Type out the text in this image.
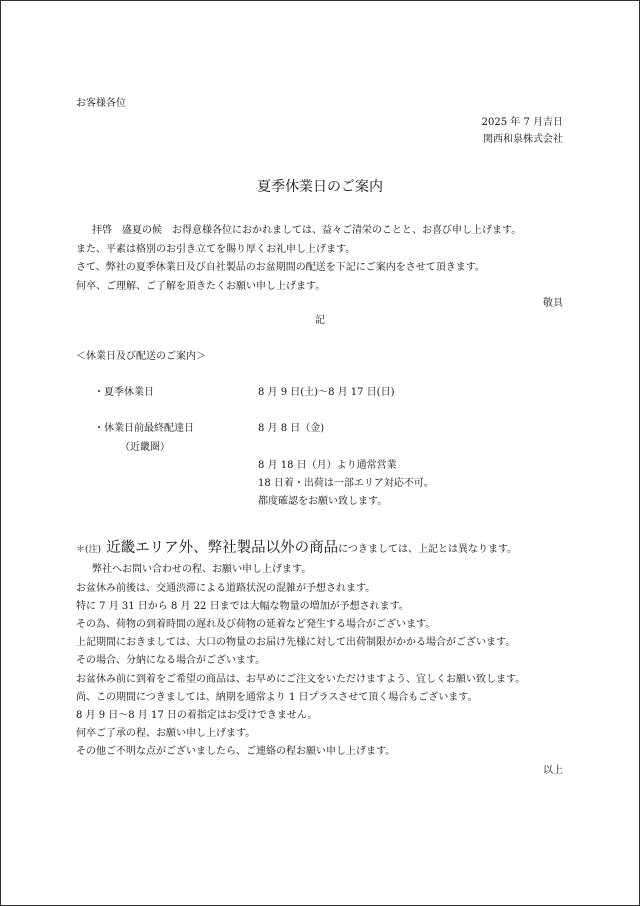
お客様各位
2025 年 7 月吉日
関西和泉株式会社
夏季休業日のご案内
拝啓　盛夏の候　お得意様各位におかれましては、益々ご清栄のことと、お喜び申し上げます。
また、平素は格別のお引き立てを賜り厚くお礼申し上げます。
さて、弊社の夏季休業日及び自社製品のお盆期間の配送を下記にご案内をさせて頂きます。
何卒、ご理解、ご了解を頂きたくお願い申し上げます。
敬具
記
＜休業日及び配送のご案内＞
・夏季休業日	8 月 9 日(土)～8 月 17 日(日)
・休業日前最終配達日	8 月 8 日（金)
（近畿圏）
8 月 18 日（月）より通常営業
18 日着・出荷は一部エリア対応不可。
都度確認をお願い致します。
＊(注) 近畿エリア外、弊社製品以外の商品につきましては、上記とは異なります。
弊社へお問い合わせの程、お願い申し上げます。
お盆休み前後は、交通渋滞による道路状況の混雑が予想されます。
特に 7 月 31 日から 8 月 22 日までは大幅な物量の増加が予想されます。
その為、荷物の到着時間の遅れ及び荷物の延着など発生する場合がございます。
上記期間におきましては、大口の物量のお届け先様に対して出荷制限がかかる場合がございます。
その場合、分納になる場合がございます。
お盆休み前に到着をご希望の商品は、お早めにご注文をいただけますよう、宜しくお願い致します。
尚、この期間につきましては、納期を通常より 1 日プラスさせて頂く場合もございます。
8 月 9 日～8 月 17 日の着指定はお受けできません。
何卒ご了承の程、お願い申し上げます。
その他ご不明な点がございましたら、ご連絡の程お願い申し上げます。
以上
